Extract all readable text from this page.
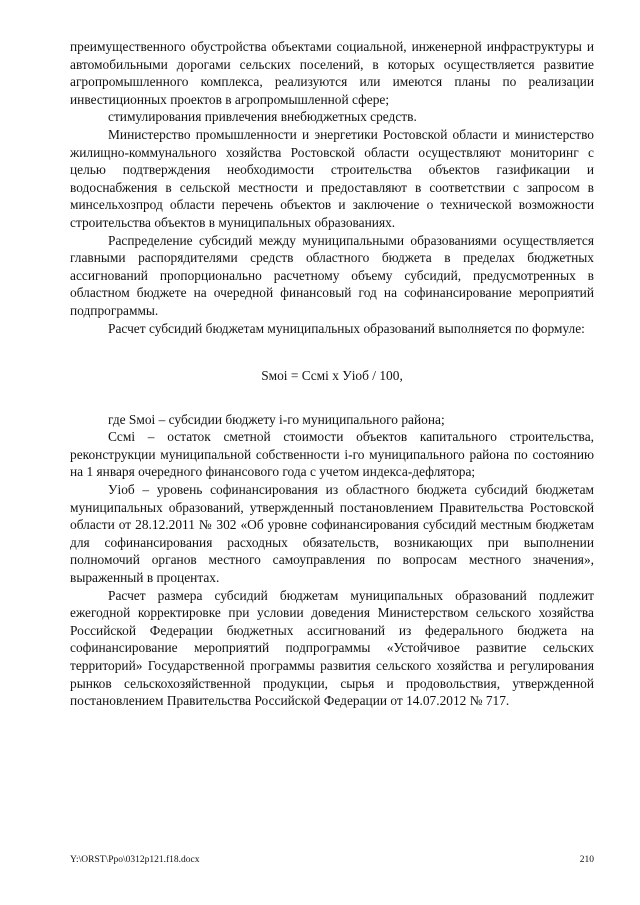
преимущественного обустройства объектами социальной, инженерной инфраструктуры и автомобильными дорогами сельских поселений, в которых осуществляется развитие агропромышленного комплекса, реализуются или имеются планы по реализации инвестиционных проектов в агропромышленной сфере;

стимулирования привлечения внебюджетных средств.

Министерство промышленности и энергетики Ростовской области и министерство жилищно-коммунального хозяйства Ростовской области осуществляют мониторинг с целью подтверждения необходимости строительства объектов газификации и водоснабжения в сельской местности и предоставляют в соответствии с запросом в минсельхозпрод области перечень объектов и заключение о технической возможности строительства объектов в муниципальных образованиях.

Распределение субсидий между муниципальными образованиями осуществляется главными распорядителями средств областного бюджета в пределах бюджетных ассигнований пропорционально расчетному объему субсидий, предусмотренных в областном бюджете на очередной финансовый год на софинансирование мероприятий подпрограммы.

Расчет субсидий бюджетам муниципальных образований выполняется по формуле:

Sмоi = Ccмi x Уiоб / 100,

где Sмоi – субсидии бюджету i-го муниципального района;

Ccмi – остаток сметной стоимости объектов капитального строительства, реконструкции муниципальной собственности i-го муниципального района по состоянию на 1 января очередного финансового года с учетом индекса-дефлятора;

Уiоб – уровень софинансирования из областного бюджета субсидий бюджетам муниципальных образований, утвержденный постановлением Правительства Ростовской области от 28.12.2011 № 302 «Об уровне софинансирования субсидий местным бюджетам для софинансирования расходных обязательств, возникающих при выполнении полномочий органов местного самоуправления по вопросам местного значения», выраженный в процентах.

Расчет размера субсидий бюджетам муниципальных образований подлежит ежегодной корректировке при условии доведения Министерством сельского хозяйства Российской Федерации бюджетных ассигнований из федерального бюджета на софинансирование мероприятий подпрограммы «Устойчивое развитие сельских территорий» Государственной программы развития сельского хозяйства и регулирования рынков сельскохозяйственной продукции, сырья и продовольствия, утвержденной постановлением Правительства Российской Федерации от 14.07.2012 № 717.

Y:\ORST\Ppo\0312p121.f18.docx	210
